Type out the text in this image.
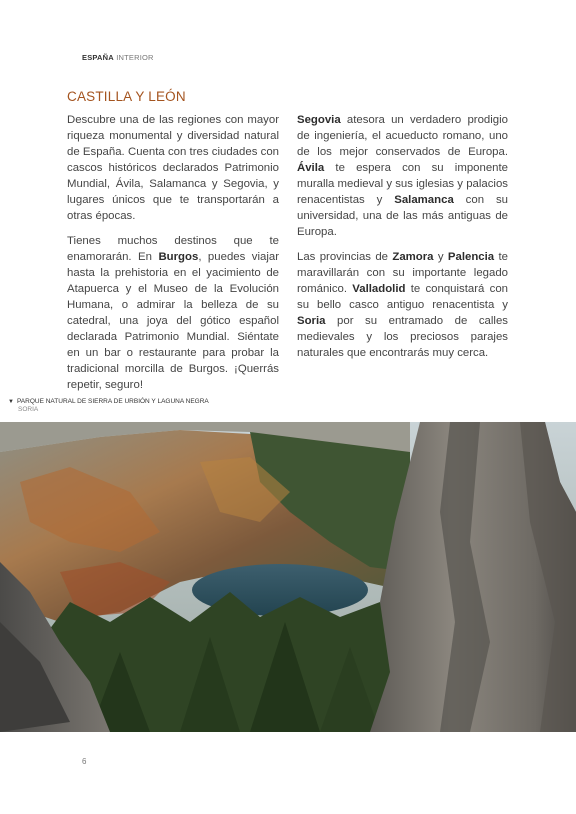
ESPAÑA INTERIOR
CASTILLA Y LEÓN

Descubre una de las regiones con mayor riqueza monumental y diversidad natural de España. Cuenta con tres ciudades con cascos históricos declarados Patrimonio Mundial, Ávila, Salamanca y Segovia, y lugares únicos que te transportarán a otras épocas.

Tienes muchos destinos que te enamorarán. En Burgos, puedes viajar hasta la prehistoria en el yacimiento de Atapuerca y el Museo de la Evolución Humana, o admirar la belleza de su catedral, una joya del gótico español declarada Patrimonio Mundial. Siéntate en un bar o restaurante para probar la tradicional morcilla de Burgos. ¡Querrás repetir, seguro!

Segovia atesora un verdadero prodigio de ingeniería, el acueducto romano, uno de los mejor conservados de Europa. Ávila te espera con su imponente muralla medieval y sus iglesias y palacios renacentistas y Salamanca con su universidad, una de las más antiguas de Europa.

Las provincias de Zamora y Palencia te maravillarán con su importante legado románico. Valladolid te conquistará con su bello casco antiguo renacentista y Soria por su entramado de calles medievales y los preciosos parajes naturales que encontrarás muy cerca.

▼ PARQUE NATURAL DE SIERRA DE URBIÓN Y LAGUNA NEGRA
SORIA
6
